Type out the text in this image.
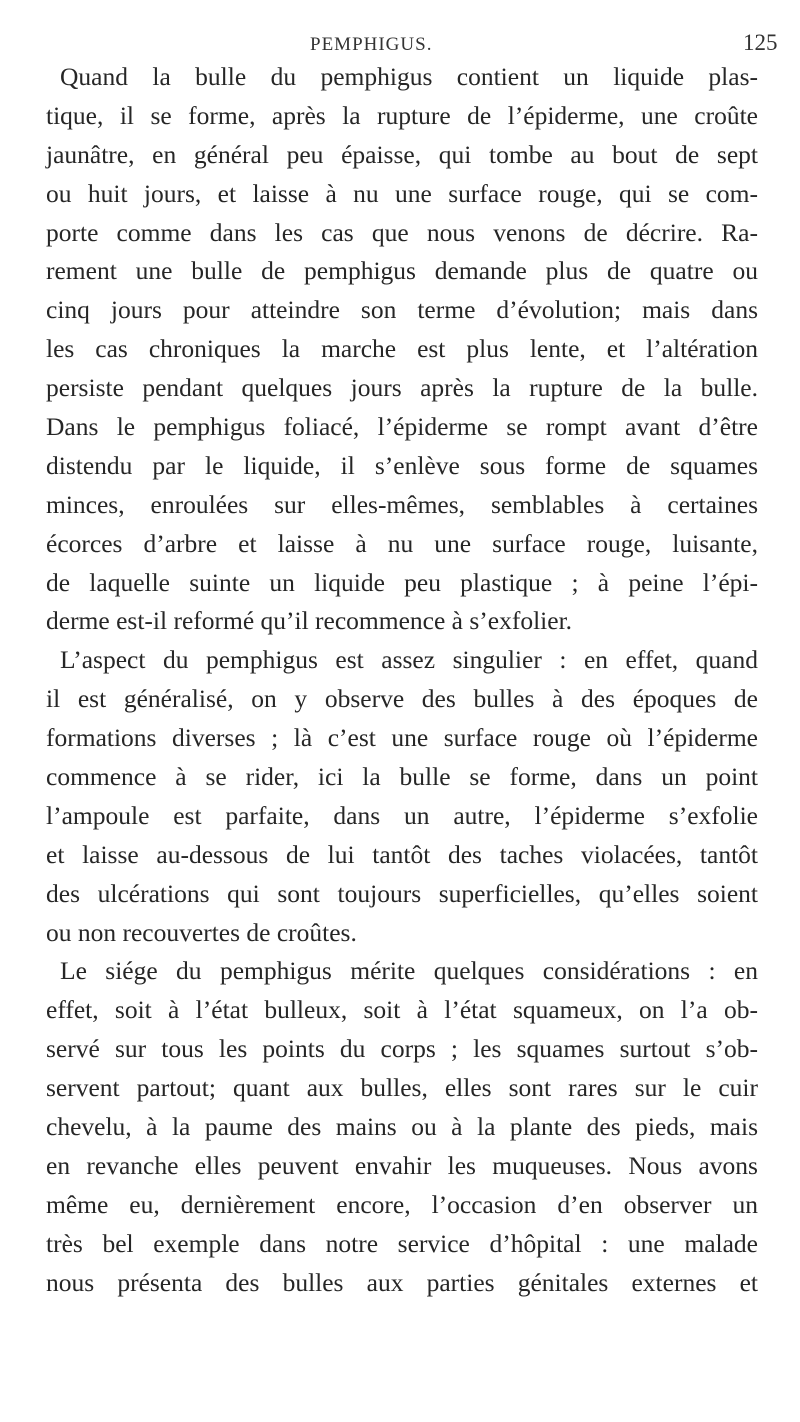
PEMPHIGUS.	125
Quand la bulle du pemphigus contient un liquide plas-
tique, il se forme, après la rupture de l’épiderme, une croûte
jaunâtre, en général peu épaisse, qui tombe au bout de sept
ou huit jours, et laisse à nu une surface rouge, qui se com-
porte comme dans les cas que nous venons de décrire. Ra-
rement une bulle de pemphigus demande plus de quatre ou
cinq jours pour atteindre son terme d’évolution; mais dans
les cas chroniques la marche est plus lente, et l’altération
persiste pendant quelques jours après la rupture de la bulle.
Dans le pemphigus foliacé, l’épiderme se rompt avant d’être
distendu par le liquide, il s’enlève sous forme de squames
minces, enroulées sur elles-mêmes, semblables à certaines
écorces d’arbre et laisse à nu une surface rouge, luisante,
de laquelle suinte un liquide peu plastique ; à peine l’épi-
derme est-il reformé qu’il recommence à s’exfolier.
L’aspect du pemphigus est assez singulier : en effet, quand
il est généralisé, on y observe des bulles à des époques de
formations diverses ; là c’est une surface rouge où l’épiderme
commence à se rider, ici la bulle se forme, dans un point
l’ampoule est parfaite, dans un autre, l’épiderme s’exfolie
et laisse au-dessous de lui tantôt des taches violacées, tantôt
des ulcérations qui sont toujours superficielles, qu’elles soient
ou non recouvertes de croûtes.
Le siége du pemphigus mérite quelques considérations : en
effet, soit à l’état bulleux, soit à l’état squameux, on l’a ob-
servé sur tous les points du corps ; les squames surtout s’ob-
servent partout; quant aux bulles, elles sont rares sur le cuir
chevelu, à la paume des mains ou à la plante des pieds, mais
en revanche elles peuvent envahir les muqueuses. Nous avons
même eu, dernièrement encore, l’occasion d’en observer un
très bel exemple dans notre service d’hôpital : une malade
nous présenta des bulles aux parties génitales externes et
